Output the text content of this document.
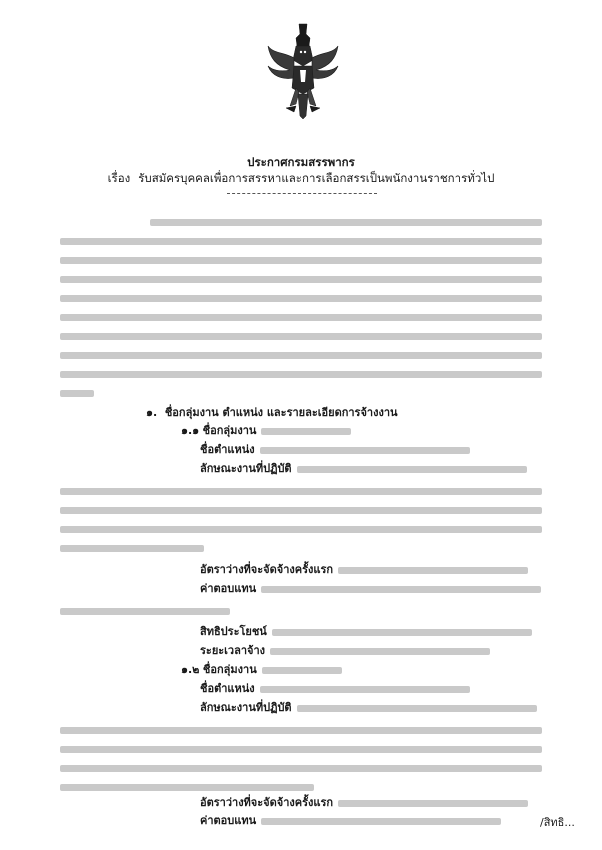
ประกาศกรมสรรพากร
เรื่อง รับสมัครบุคคลเพื่อการสรรหาและการเลือกสรรเป็นพนักงานราชการทั่วไป
๑. ชื่อกลุ่มงาน ตำแหน่ง และรายละเอียดการจ้างงาน
๑.๑ ชื่อกลุ่มงาน
ชื่อตำแหน่ง
ลักษณะงานที่ปฏิบัติ
อัตราว่างที่จะจัดจ้างครั้งแรก
ค่าตอบแทน
สิทธิประโยชน์
ระยะเวลาจ้าง
๑.๒ ชื่อกลุ่มงาน
ชื่อตำแหน่ง
ลักษณะงานที่ปฏิบัติ
อัตราว่างที่จะจัดจ้างครั้งแรก
ค่าตอบแทน	/สิทธิ...
